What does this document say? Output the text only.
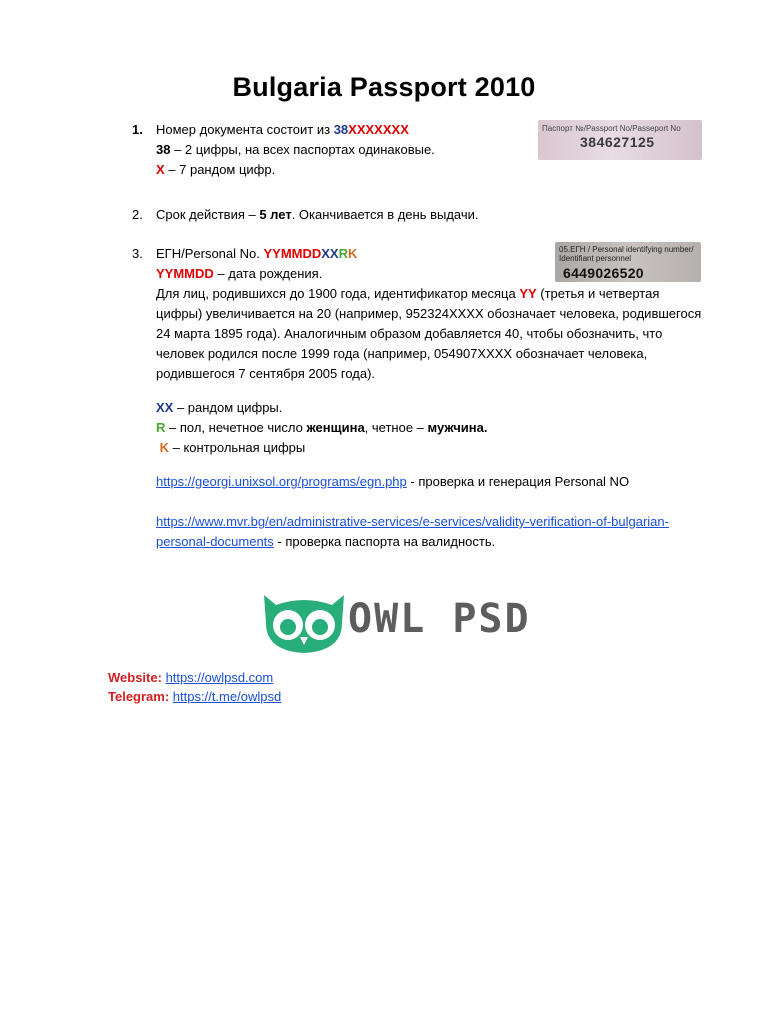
Bulgaria Passport 2010
1.	Номер документа состоит из 38XXXXXXX
38 – 2 цифры, на всех паспортах одинаковые.
X – 7 рандом цифр.
Паспорт №/Passport No/Passeport No
384627125
2.	Срок действия – 5 лет. Оканчивается в день выдачи.
3.	ЕГН/Personal No. YYMMDDXXRK
YYMMDD – дата рождения.
Для лиц, родившихся до 1900 года, идентификатор месяца YY (третья и четвертая цифры) увеличивается на 20 (например, 952324XXXX обозначает человека, родившегося 24 марта 1895 года). Аналогичным образом добавляется 40, чтобы обозначить, что человек родился после 1999 года (например, 054907XXXX обозначает человека, родившегося 7 сентября 2005 года).
05.ЕГН / Personal identifying number/
Identifiant personnel
6449026520
XX – рандом цифры.
R – пол, нечетное число женщина, четное – мужчина.
K – контрольная цифры
https://georgi.unixsol.org/programs/egn.php - проверка и генерация Personal NO
https://www.mvr.bg/en/administrative-services/e-services/validity-verification-of-bulgarian-personal-documents - проверка паспорта на валидность.
OWL PSD
Website: https://owlpsd.com
Telegram: https://t.me/owlpsd
